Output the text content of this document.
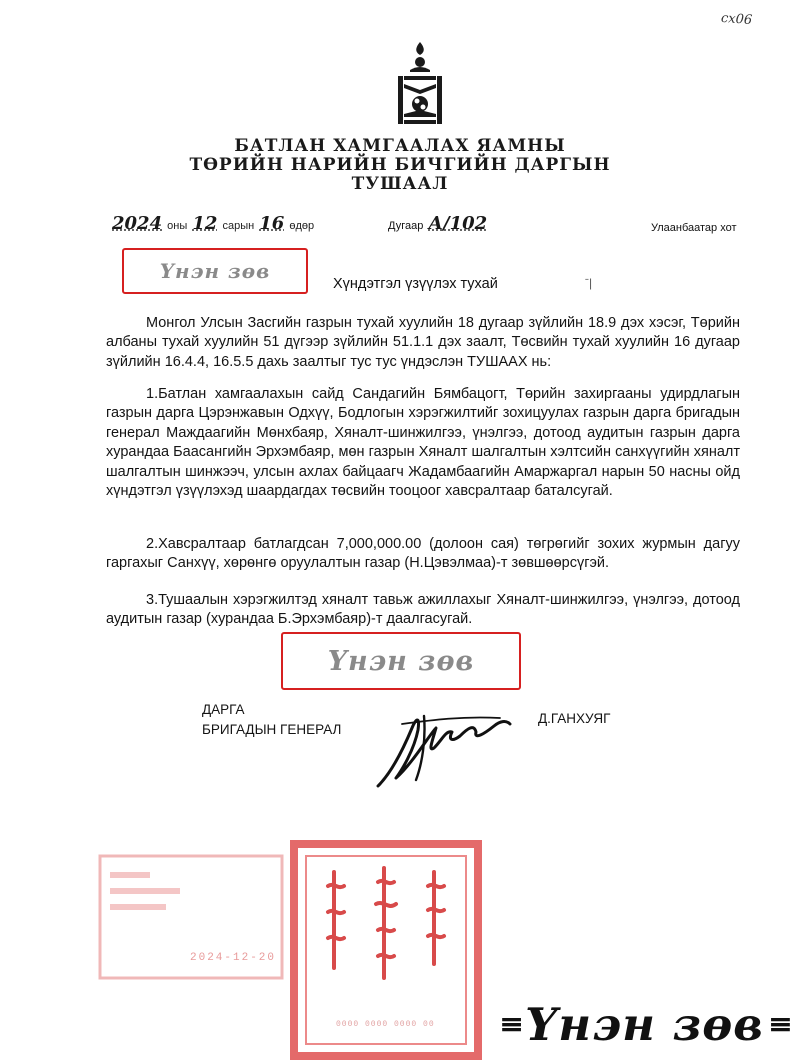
сх06
БАТЛАН ХАМГААЛАХ ЯАМНЫ
ТӨРИЙН НАРИЙН БИЧГИЙН ДАРГЫН
ТУШААЛ
2024 оны 12 сарын 16 өдөр	Дугаар А/102	Улаанбаатар хот
Үнэн зөв
Хүндэтгэл үзүүлэх тухай	ˉ|
Монгол Улсын Засгийн газрын тухай хуулийн 18 дугаар зүйлийн 18.9 дэх хэсэг, Төрийн албаны тухай хуулийн 51 дүгээр зүйлийн 51.1.1 дэх заалт, Төсвийн тухай хуулийн 16 дугаар зүйлийн 16.4.4, 16.5.5 дахь заалтыг тус тус үндэслэн ТУШААХ нь:
1.Батлан хамгаалахын сайд Сандагийн Бямбацогт, Төрийн захиргааны удирдлагын газрын дарга Цэрэнжавын Одхүү, Бодлогын хэрэгжилтийг зохицуулах газрын дарга бригадын генерал Маждаагийн Мөнхбаяр, Хяналт-шинжилгээ, үнэлгээ, дотоод аудитын газрын дарга хурандаа Баасангийн Эрхэмбаяр, мөн газрын Хяналт шалгалтын хэлтсийн санхүүгийн хяналт шалгалтын шинжээч, улсын ахлах байцаагч Жадамбаагийн Амаржаргал нарын 50 насны ойд хүндэтгэл үзүүлэхэд шаардагдах төсвийн тооцоог хавсралтаар баталсугай.
2.Хавсралтаар батлагдсан 7,000,000.00 (долоон сая) төгрөгийг зохих журмын дагуу гаргахыг Санхүү, хөрөнгө оруулалтын газар (Н.Цэвэлмаа)-т зөвшөөрсүгэй.
3.Тушаалын хэрэгжилтэд хяналт тавьж ажиллахыг Хяналт-шинжилгээ, үнэлгээ, дотоод аудитын газар (хурандаа Б.Эрхэмбаяр)-т даалгасугай.
Үнэн зөв
ДАРГА
БРИГАДЫН ГЕНЕРАЛ
Д.ГАНХУЯГ
2024-12-20
0000 0000 0000 00 ≡ Үнэн зөв ≡
